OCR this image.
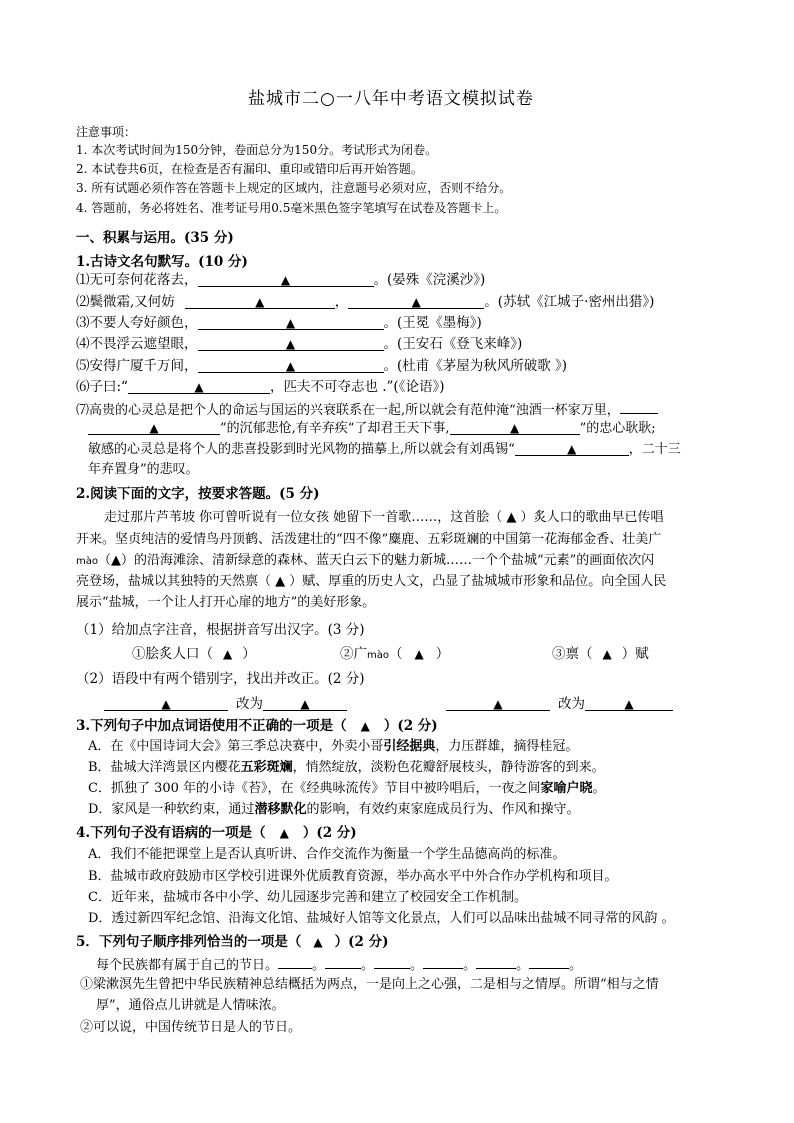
盐城市二○一八年中考语文模拟试卷
注意事项：
1. 本次考试时间为150分钟，卷面总分为150分。考试形式为闭卷。
2. 本试卷共6页，在检查是否有漏印、重印或错印后再开始答题。
3. 所有试题必须作答在答题卡上规定的区域内，注意题号必须对应，否则不给分。
4. 答题前，务必将姓名、准考证号用0.5毫米黑色签字笔填写在试卷及答题卡上。
一、积累与运用。(35 分)
1.古诗文名句默写。(10 分)
⑴无可奈何花落去，	▲	。(晏殊《浣溪沙》)
⑵鬓微霜,又何妨	▲	，	▲	。(苏轼《江城子·密州出猎》)
⑶不要人夸好颜色，	▲	。(王冕《墨梅》)
⑷不畏浮云遮望眼，	▲	。(王安石《登飞来峰》)
⑸安得广厦千万间，	▲	。(杜甫《茅屋为秋风所破歌 》)
⑹子曰:“	▲	，匹夫不可夺志也 .”(《论语》)
⑺高贵的心灵总是把个人的命运与国运的兴衰联系在一起,所以就会有范仲淹“浊酒一杯家万里，
▲	”的沉郁悲怆,有辛弃疾“了却君王天下事,	▲	”的忠心耿耿;
敏感的心灵总是将个人的悲喜投影到时光风物的描摹上,所以就会有刘禹锡“	▲	，二十三
年弃置身”的悲叹。
2.阅读下面的文字，按要求答题。(5 分)
走过那片芦苇坡 你可曾听说有一位女孩 她留下一首歌……，这首脍（ ▲ ）炙人口的歌曲早已传唱
开来。坚贞纯洁的爱情鸟丹顶鹤、活泼建壮的“四不像”麋鹿、五彩斑斓的中国第一花海郁金香、壮美广
mào（▲）的沿海滩涂、清新绿意的森林、蓝天白云下的魅力新城……一个个盐城“元素”的画面依次闪
亮登场，盐城以其独特的天然禀（ ▲ ）赋、厚重的历史人文，凸显了盐城城市形象和品位。向全国人民
展示“盐城，一个让人打开心扉的地方”的美好形象。
（1）给加点字注音，根据拼音写出汉字。(3 分)
①脍炙人口（ ▲ ）	②广mào（ ▲ ）	③禀（ ▲ ）赋
（2）语段中有两个错别字，找出并改正。(2 分)
▲	改为	▲	▲	改为	▲
3.下列句子中加点词语使用不正确的一项是（ ▲ ）(2 分)
A．在《中国诗词大会》第三季总决赛中，外卖小哥引经据典，力压群雄，摘得桂冠。
B．盐城大洋湾景区内樱花五彩斑斓，悄然绽放，淡粉色花瓣舒展枝头，静待游客的到来。
C．抓独了 300 年的小诗《苔》，在《经典咏流传》节目中被吟唱后，一夜之间家喻户晓。
D．家风是一种软约束，通过潜移默化的影响，有效约束家庭成员行为、作风和操守。
4.下列句子没有语病的一项是（ ▲ ）(2 分)
A．我们不能把课堂上是否认真听讲、合作交流作为衡量一个学生品德高尚的标准。
B．盐城市政府鼓励市区学校引进课外优质教育资源，举办高水平中外合作办学机构和项目。
C．近年来，盐城市各中小学、幼儿园逐步完善和建立了校园安全工作机制。
D．透过新四军纪念馆、沿海文化馆、盐城好人馆等文化景点，人们可以品味出盐城不同寻常的风韵 。
5．下列句子顺序排列恰当的一项是（ ▲ ）(2 分)
每个民族都有属于自己的节日。	。	。	。	。	。	。
①梁漱溟先生曾把中华民族精神总结概括为两点，一是向上之心强，二是相与之情厚。所谓“相与之情
厚”，通俗点儿讲就是人情味浓。
②可以说，中国传统节日是人的节日。
